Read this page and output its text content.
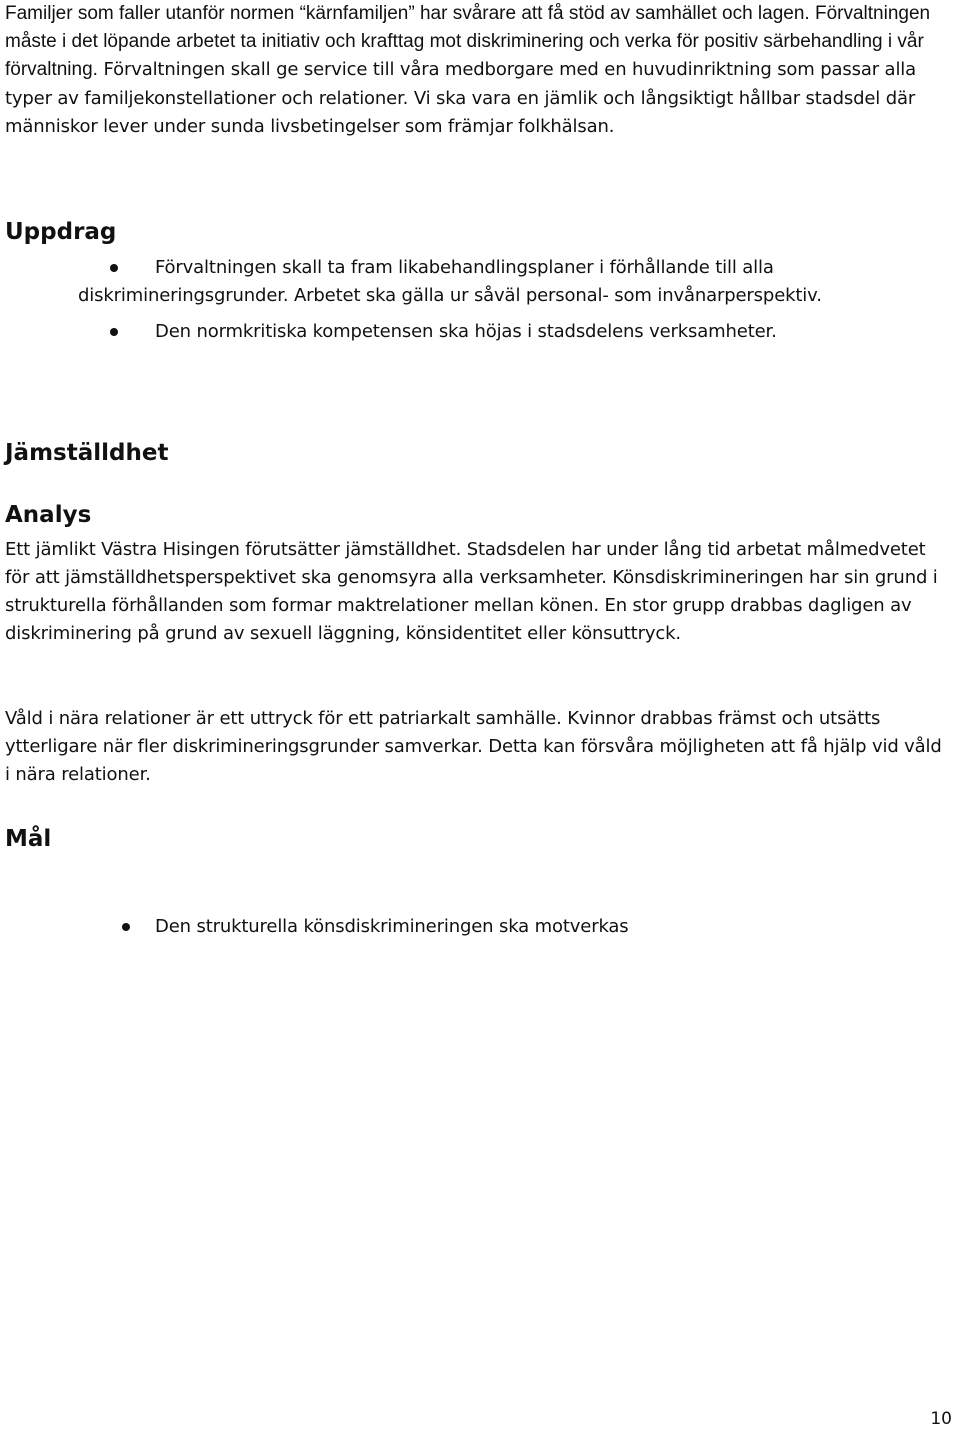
Familjer som faller utanför normen “kärnfamiljen” har svårare att få stöd av samhället och lagen. Förvaltningen måste i det löpande arbetet ta initiativ och krafttag mot diskriminering och verka för positiv särbehandling i vår förvaltning. Förvaltningen skall ge service till våra medborgare med en huvudinriktning som passar alla typer av familjekonstellationer och relationer. Vi ska vara en jämlik och långsiktigt hållbar stadsdel där människor lever under sunda livsbetingelser som främjar folkhälsan.

Uppdrag
Förvaltningen skall ta fram likabehandlingsplaner i förhållande till alla
diskrimineringsgrunder. Arbetet ska gälla ur såväl personal- som invånarperspektiv.
Den normkritiska kompetensen ska höjas i stadsdelens verksamheter.
Jämställdhet
Analys

Ett jämlikt Västra Hisingen förutsätter jämställdhet. Stadsdelen har under lång tid arbetat målmedvetet för att jämställdhetsperspektivet ska genomsyra alla verksamheter. Könsdiskrimineringen har sin grund i strukturella förhållanden som formar maktrelationer mellan könen. En stor grupp drabbas dagligen av diskriminering på grund av sexuell läggning, könsidentitet eller könsuttryck.

Våld i nära relationer är ett uttryck för ett patriarkalt samhälle. Kvinnor drabbas främst och utsätts ytterligare när fler diskrimineringsgrunder samverkar. Detta kan försvåra möjligheten att få hjälp vid våld i nära relationer.

Mål
Den strukturella könsdiskrimineringen ska motverkas
10
